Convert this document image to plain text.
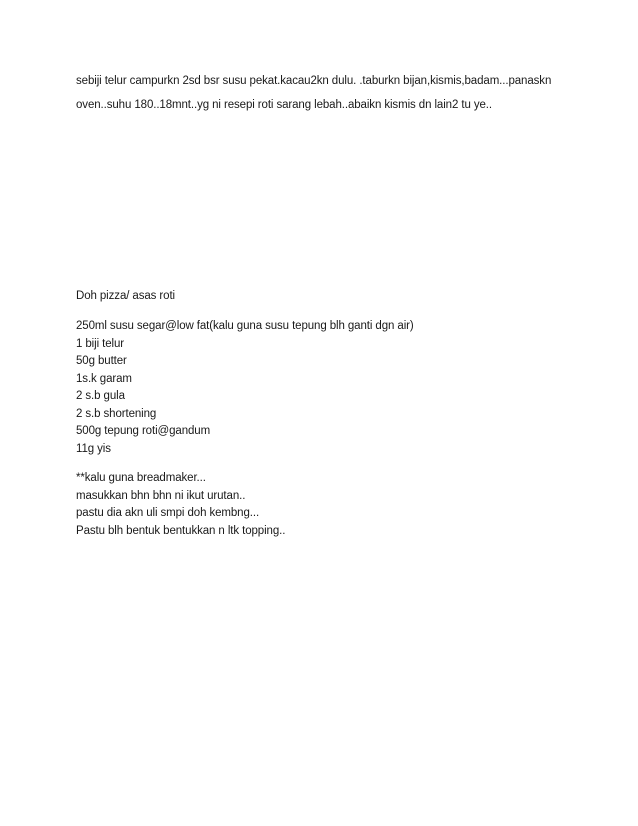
sebiji telur campurkn 2sd bsr susu pekat.kacau2kn dulu. .taburkn bijan,kismis,badam...panaskn
oven..suhu 180..18mnt..yg ni resepi roti sarang lebah..abaikn kismis dn lain2 tu ye..
Doh pizza/ asas roti
250ml susu segar@low fat(kalu guna susu tepung blh ganti dgn air)
1 biji telur
50g butter
1s.k garam
2 s.b gula
2 s.b shortening
500g tepung roti@gandum
11g yis
**kalu guna breadmaker...
masukkan bhn bhn ni ikut urutan..
pastu dia akn uli smpi doh kembng...
Pastu blh bentuk bentukkan n ltk topping..
